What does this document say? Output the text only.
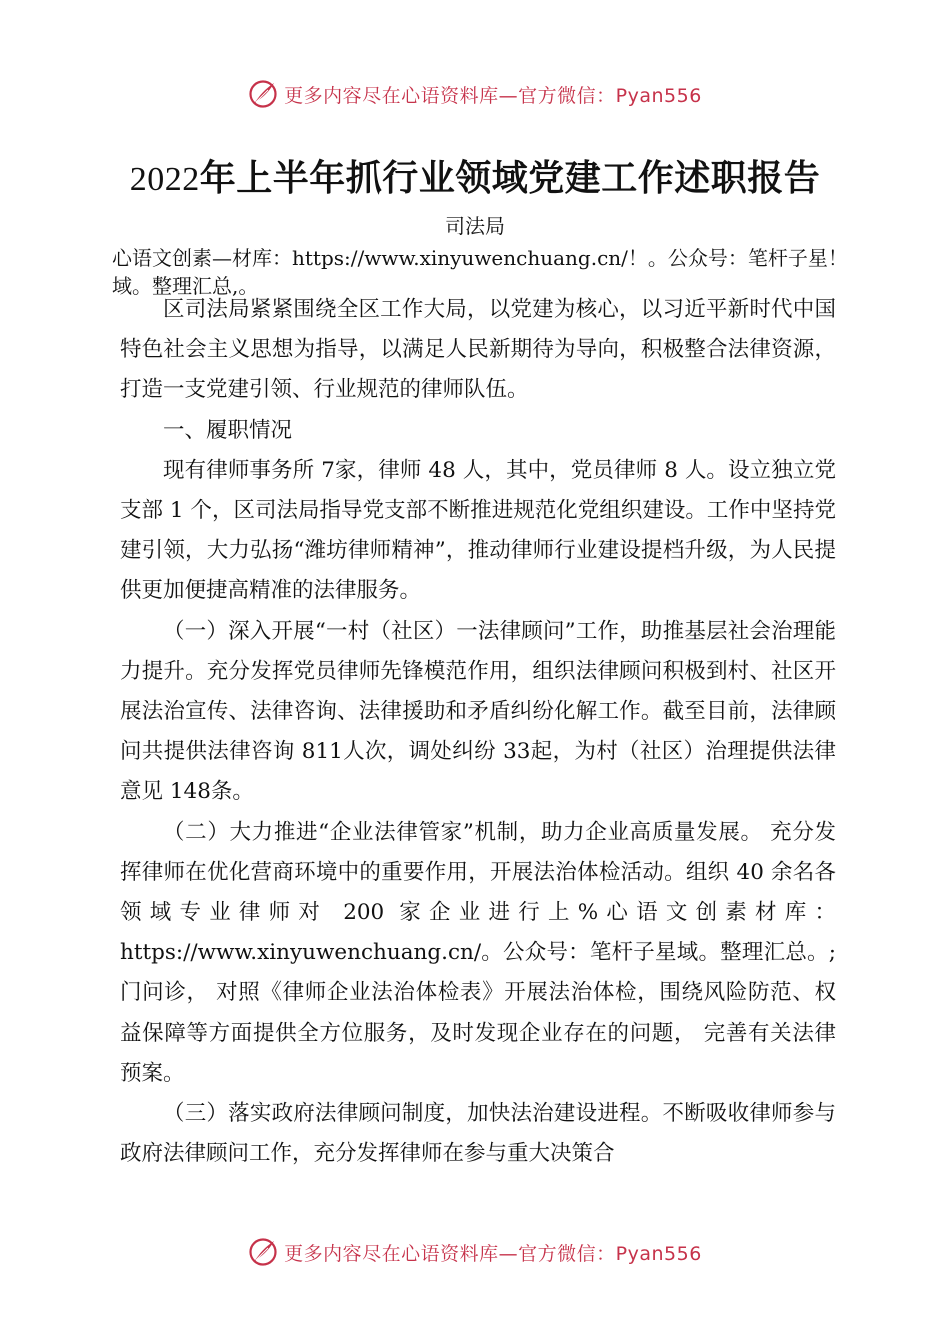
更多内容尽在心语资料库—官方微信：Pyan556
2022年上半年抓行业领域党建工作述职报告
司法局

心语文创素—材库：https://www.xinyuwenchuang.cn/！。公众号：笔杆子星！域。整理汇总,。

区司法局紧紧围绕全区工作大局，以党建为核心，以习近平新时代中国特色社会主义思想为指导，以满足人民新期待为导向，积极整合法律资源，打造一支党建引领、行业规范的律师队伍。

一、履职情况

现有律师事务所 7家，律师 48 人，其中，党员律师 8 人。设立独立党支部 1 个，区司法局指导党支部不断推进规范化党组织建设。工作中坚持党建引领，大力弘扬“潍坊律师精神”，推动律师行业建设提档升级，为人民提供更加便捷高精准的法律服务。

（一）深入开展“一村（社区）一法律顾问”工作，助推基层社会治理能力提升。充分发挥党员律师先锋模范作用，组织法律顾问积极到村、社区开展法治宣传、法律咨询、法律援助和矛盾纠纷化解工作。截至目前，法律顾问共提供法律咨询 811人次，调处纠纷 33起，为村（社区）治理提供法律意见 148条。

（二）大力推进“企业法律管家”机制，助力企业高质量发展。 充分发挥律师在优化营商环境中的重要作用，开展法治体检活动。组织 40 余名各领域专业律师对 200 家企业进行上%心语文创素材库：https://www.xinyuwenchuang.cn/。公众号：笔杆子星域。整理汇总。;门问诊， 对照《律师企业法治体检表》开展法治体检，围绕风险防范、权益保障等方面提供全方位服务，及时发现企业存在的问题， 完善有关法律预案。

（三）落实政府法律顾问制度，加快法治建设进程。不断吸收律师参与政府法律顾问工作，充分发挥律师在参与重大决策合

更多内容尽在心语资料库—官方微信：Pyan556
